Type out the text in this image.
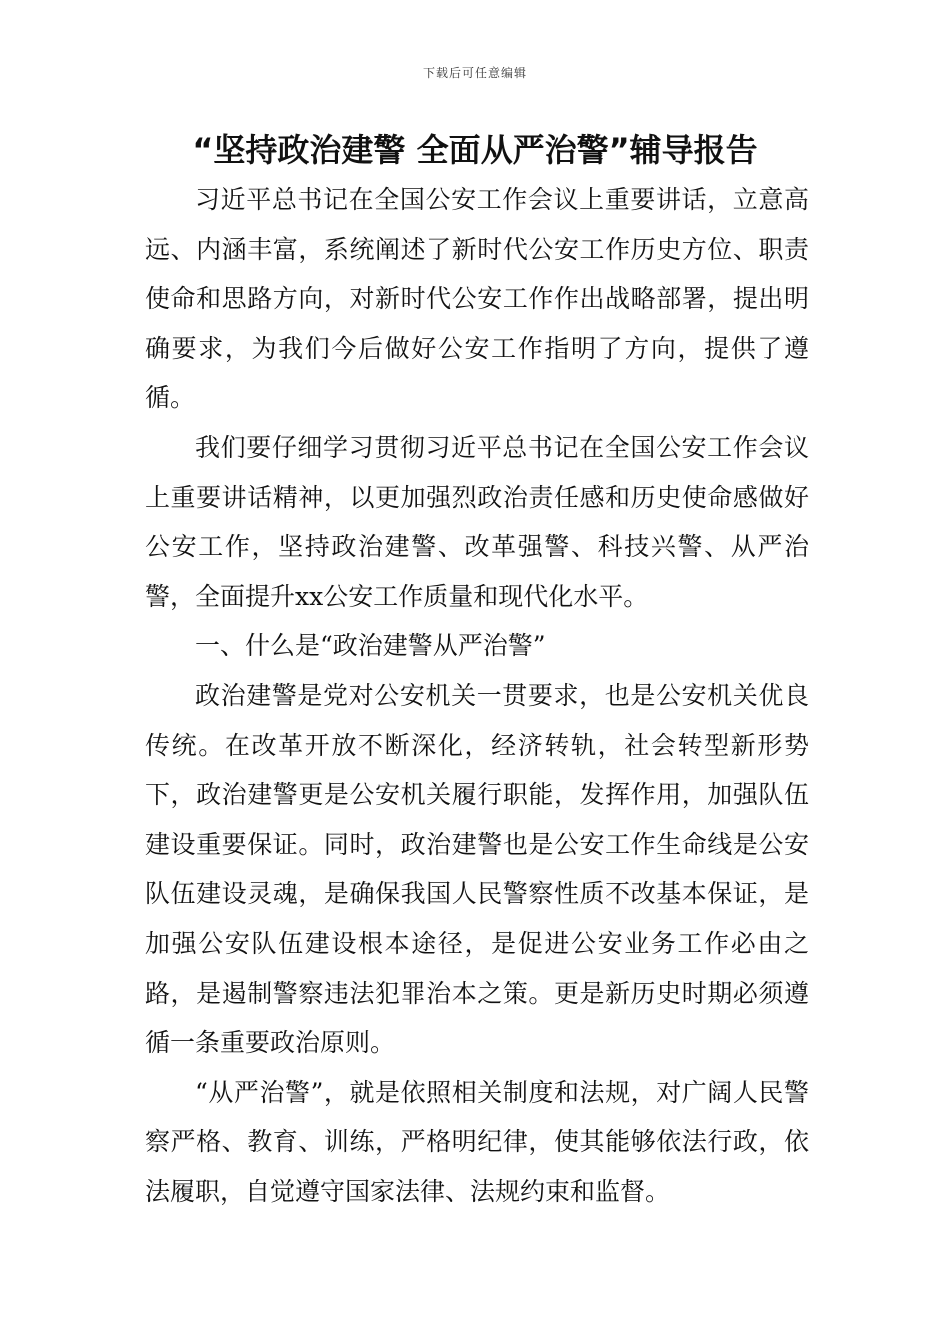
下载后可任意编辑
“坚持政治建警 全面从严治警”辅导报告

习近平总书记在全国公安工作会议上重要讲话，立意高远、内涵丰富，系统阐述了新时代公安工作历史方位、职责使命和思路方向，对新时代公安工作作出战略部署，提出明确要求，为我们今后做好公安工作指明了方向，提供了遵循。

我们要仔细学习贯彻习近平总书记在全国公安工作会议上重要讲话精神，以更加强烈政治责任感和历史使命感做好公安工作，坚持政治建警、改革强警、科技兴警、从严治警，全面提升xx公安工作质量和现代化水平。

一、什么是“政治建警从严治警”

政治建警是党对公安机关一贯要求，也是公安机关优良传统。在改革开放不断深化，经济转轨，社会转型新形势下，政治建警更是公安机关履行职能，发挥作用，加强队伍建设重要保证。同时，政治建警也是公安工作生命线是公安队伍建设灵魂，是确保我国人民警察性质不改基本保证，是加强公安队伍建设根本途径，是促进公安业务工作必由之路，是遏制警察违法犯罪治本之策。更是新历史时期必须遵循一条重要政治原则。

“从严治警”，就是依照相关制度和法规，对广阔人民警察严格、教育、训练，严格明纪律，使其能够依法行政，依法履职，自觉遵守国家法律、法规约束和监督。
